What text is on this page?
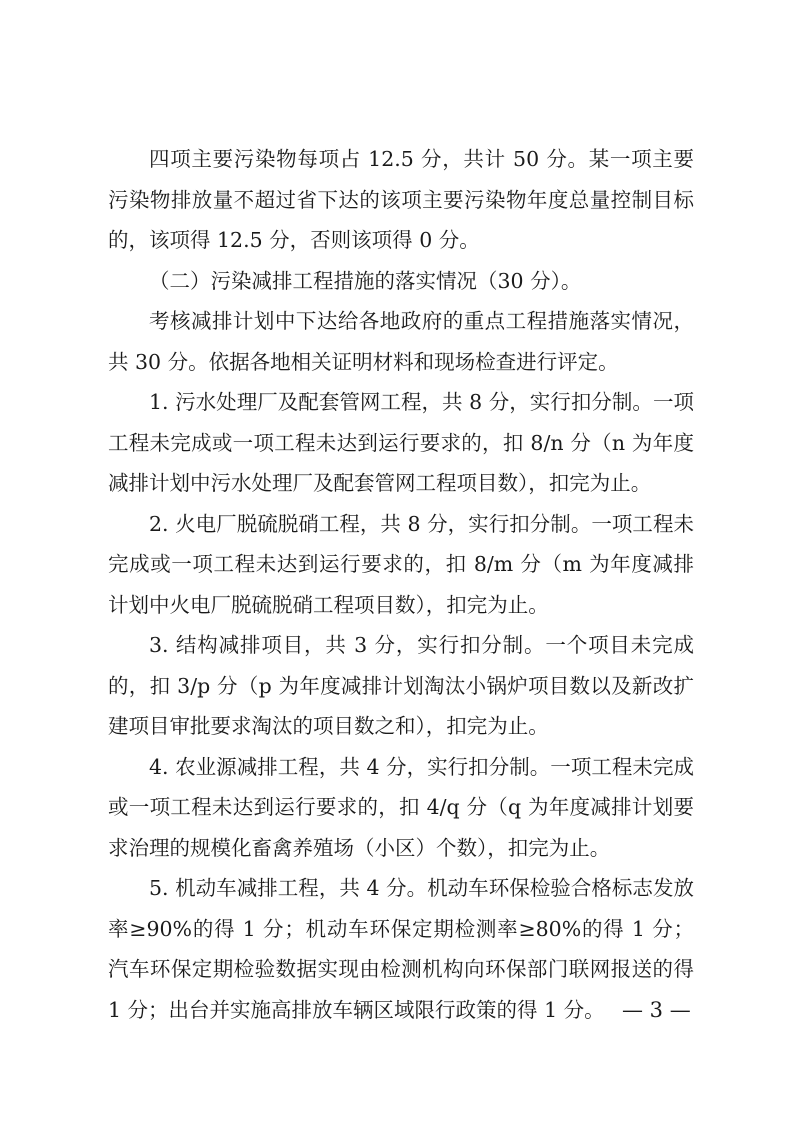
四项主要污染物每项占 12.5 分，共计 50 分。某一项主要污染物排放量不超过省下达的该项主要污染物年度总量控制目标的，该项得 12.5 分，否则该项得 0 分。

（二）污染减排工程措施的落实情况（30 分）。

考核减排计划中下达给各地政府的重点工程措施落实情况，共 30 分。依据各地相关证明材料和现场检查进行评定。

1. 污水处理厂及配套管网工程，共 8 分，实行扣分制。一项工程未完成或一项工程未达到运行要求的，扣 8/n 分（n 为年度减排计划中污水处理厂及配套管网工程项目数），扣完为止。

2. 火电厂脱硫脱硝工程，共 8 分，实行扣分制。一项工程未完成或一项工程未达到运行要求的，扣 8/m 分（m 为年度减排计划中火电厂脱硫脱硝工程项目数），扣完为止。

3. 结构减排项目，共 3 分，实行扣分制。一个项目未完成的，扣 3/p 分（p 为年度减排计划淘汰小锅炉项目数以及新改扩建项目审批要求淘汰的项目数之和），扣完为止。

4. 农业源减排工程，共 4 分，实行扣分制。一项工程未完成或一项工程未达到运行要求的，扣 4/q 分（q 为年度减排计划要求治理的规模化畜禽养殖场（小区）个数），扣完为止。

5. 机动车减排工程，共 4 分。机动车环保检验合格标志发放率≥90%的得 1 分；机动车环保定期检测率≥80%的得 1 分；汽车环保定期检验数据实现由检测机构向环保部门联网报送的得 1 分；出台并实施高排放车辆区域限行政策的得 1 分。 — 3 —
